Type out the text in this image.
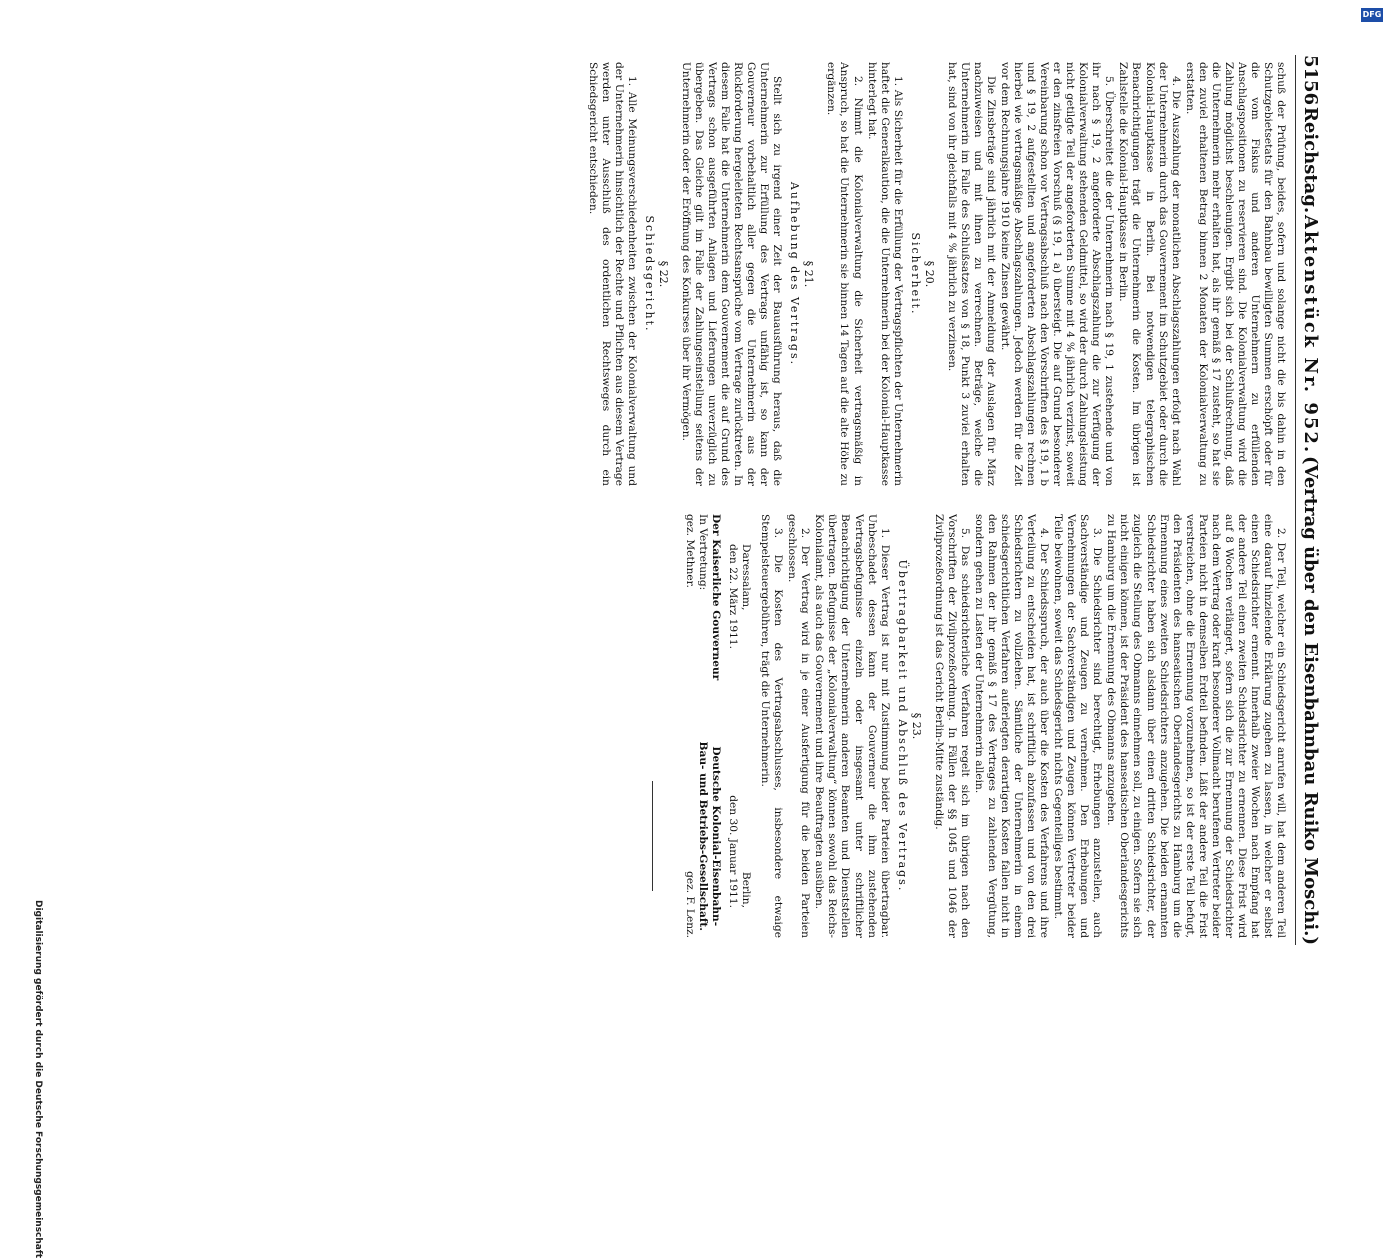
5156
Reichstag.
Aktenstück Nr. 952.
(Vertrag über den Eisenbahnbau Ruiko Moschi.)

schuß der Prüfung, beides, sofern und solange nicht die bis dahin in den Schutzgebietsetats für den Bahnbau bewilligten Summen erschöpft oder für die vom Fiskus und anderen Unternehmern zu erfüllenden Anschlagspositionen zu reservieren sind. Die Kolonialverwaltung wird die Zahlung möglichst beschleunigen. Ergibt sich bei der Schlußrechnung, daß die Unternehmerin mehr erhalten hat, als ihr gemäß § 17 zusteht, so hat sie den zuviel erhaltenen Betrag binnen 2 Monaten der Kolonialverwaltung zu erstatten.

4. Die Auszahlung der monatlichen Abschlagszahlungen erfolgt nach Wahl der Unternehmerin durch das Gouvernement im Schutzgebiet oder durch die Kolonial-Hauptkasse in Berlin. Bei notwendigen telegraphischen Benachrichtigungen trägt die Unternehmerin die Kosten. Im übrigen ist Zahlstelle die Kolonial-Hauptkasse in Berlin.

5. Überschreitet die der Unternehmerin nach § 19, 1 zustehende und von ihr nach § 19, 2 angeforderte Abschlagszahlung die zur Verfügung der Kolonialverwaltung stehenden Geldmittel, so wird der durch Zahlungsleistung nicht getilgte Teil der angeforderten Summe mit 4 % jährlich verzinst, soweit er den zinsfreien Vorschuß (§ 19, 1 a) übersteigt. Die auf Grund besonderer Vereinbarung schon vor Vertragsabschluß nach den Vorschriften des § 19, 1 b und § 19, 2 aufgestellten und angeforderten Abschlagszahlungen rechnen hierbei wie vertragsmäßige Abschlagszahlungen. Jedoch werden für die Zeit vor dem Rechnungsjahre 1910 keine Zinsen gewährt.

Die Zinsbeträge sind jährlich mit der Anmeldung der Auslagen für März nachzuweisen und mit ihnen zu verrechnen. Beträge, welche die Unternehmerin im Falle des Schlußsatzes von § 18, Punkt 3 zuviel erhalten hat, sind von ihr gleichfalls mit 4 % jährlich zu verzinsen.

§ 20.
Sicherheit.

1. Als Sicherheit für die Erfüllung der Vertragspflichten der Unternehmerin haftet die Generalkaution, die die Unternehmerin bei der Kolonial-Hauptkasse hinterlegt hat.

2. Nimmt die Kolonialverwaltung die Sicherheit vertragsmäßig in Anspruch, so hat die Unternehmerin sie binnen 14 Tagen auf die alte Höhe zu ergänzen.

§ 21.
Aufhebung des Vertrags.

Stellt sich zu irgend einer Zeit der Bauausführung heraus, daß die Unternehmerin zur Erfüllung des Vertrags unfähig ist, so kann der Gouverneur vorbehaltlich aller gegen die Unternehmerin aus der Rückforderung hergeleiteten Rechtsansprüche vom Vertrage zurücktreten. In diesem Falle hat die Unternehmerin dem Gouvernement die auf Grund des Vertrags schon ausgeführten Anlagen und Lieferungen unverzüglich zu übergeben. Das Gleiche gilt im Falle der Zahlungseinstellung seitens der Unternehmerin oder der Eröffnung des Konkurses über ihr Vermögen.

§ 22.
Schiedsgericht.

1. Alle Meinungsverschiedenheiten zwischen der Kolonialverwaltung und der Unternehmerin hinsichtlich der Rechte und Pflichten aus diesem Vertrage werden unter Ausschluß des ordentlichen Rechtsweges durch ein Schiedsgericht entschieden.

2. Der Teil, welcher ein Schiedsgericht anrufen will, hat dem anderen Teil eine darauf hinzielende Erklärung zugehen zu lassen, in welcher er selbst einen Schiedsrichter ernennt. Innerhalb zweier Wochen nach Empfang hat der andere Teil einen zweiten Schiedsrichter zu ernennen. Diese Frist wird auf 8 Wochen verlängert, sofern sich die zur Ernennung der Schiedsrichter nach dem Vertrag oder kraft besonderer Vollmacht berufenen Vertreter beider Parteien nicht in demselben Erdteil befinden. Läßt der andere Teil die Frist verstreichen, ohne die Ernennung vorzunehmen, so ist der erste Teil befugt, den Präsidenten des hanseatischen Oberlandesgerichts zu Hamburg um die Ernennung eines zweiten Schiedsrichters anzugehen. Die beiden ernannten Schiedsrichter haben sich alsdann über einen dritten Schiedsrichter, der zugleich die Stellung des Obmanns einnehmen soll, zu einigen. Sofern sie sich nicht einigen können, ist der Präsident des hanseatischen Oberlandesgerichts zu Hamburg um die Ernennung des Obmanns anzugehen.

3. Die Schiedsrichter sind berechtigt, Erhebungen anzustellen, auch Sachverständige und Zeugen zu vernehmen. Den Erhebungen und Vernehmungen der Sachverständigen und Zeugen können Vertreter beider Teile beiwohnen, soweit das Schiedsgericht nichts Gegenteiliges bestimmt.

4. Der Schiedsspruch, der auch über die Kosten des Verfahrens und ihre Verteilung zu entscheiden hat, ist schriftlich abzufassen und von den drei Schiedsrichtern zu vollziehen. Sämtliche der Unternehmerin in einem schiedsgerichtlichen Verfahren auferlegten derartigen Kosten fallen nicht in den Rahmen der ihr gemäß § 17 des Vertrages zu zahlenden Vergütung, sondern gehen zu Lasten der Unternehmerin allein.

5. Das schiedsrichterliche Verfahren regelt sich im übrigen nach den Vorschriften der Zivilprozeßordnung. In Fällen der §§ 1045 und 1046 der Zivilprozeßordnung ist das Gericht Berlin-Mitte zuständig.

§ 23.
Übertragbarkeit und Abschluß des Vertrags.

1. Dieser Vertrag ist nur mit Zustimmung beider Parteien übertragbar. Unbeschadet dessen kann der Gouverneur die ihm zustehenden Vertragsbefugnisse einzeln oder insgesamt unter schriftlicher Benachrichtigung der Unternehmerin anderen Beamten und Dienststellen übertragen. Befugnisse der „Kolonialverwaltung“ können sowohl das Reichs-Kolonialamt, als auch das Gouvernement und ihre Beauftragten ausüben.

2. Der Vertrag wird in je einer Ausfertigung für die beiden Parteien geschlossen.

3. Die Kosten des Vertragsabschlusses, insbesondere etwaige Stempelsteuergebühren, trägt die Unternehmerin.

Daressalam,
den 22. März 1911.
Berlin,
den 30. Januar 1911.
Der Kaiserliche Gouverneur
In Vertretung:
gez. Methner.
Deutsche Kolonial-Eisenbahn-Bau- und Betriebs-Gesellschaft.
gez. F. Lenz.
Digitalisierung gefördert durch die Deutsche Forschungsgemeinschaft
DFG
